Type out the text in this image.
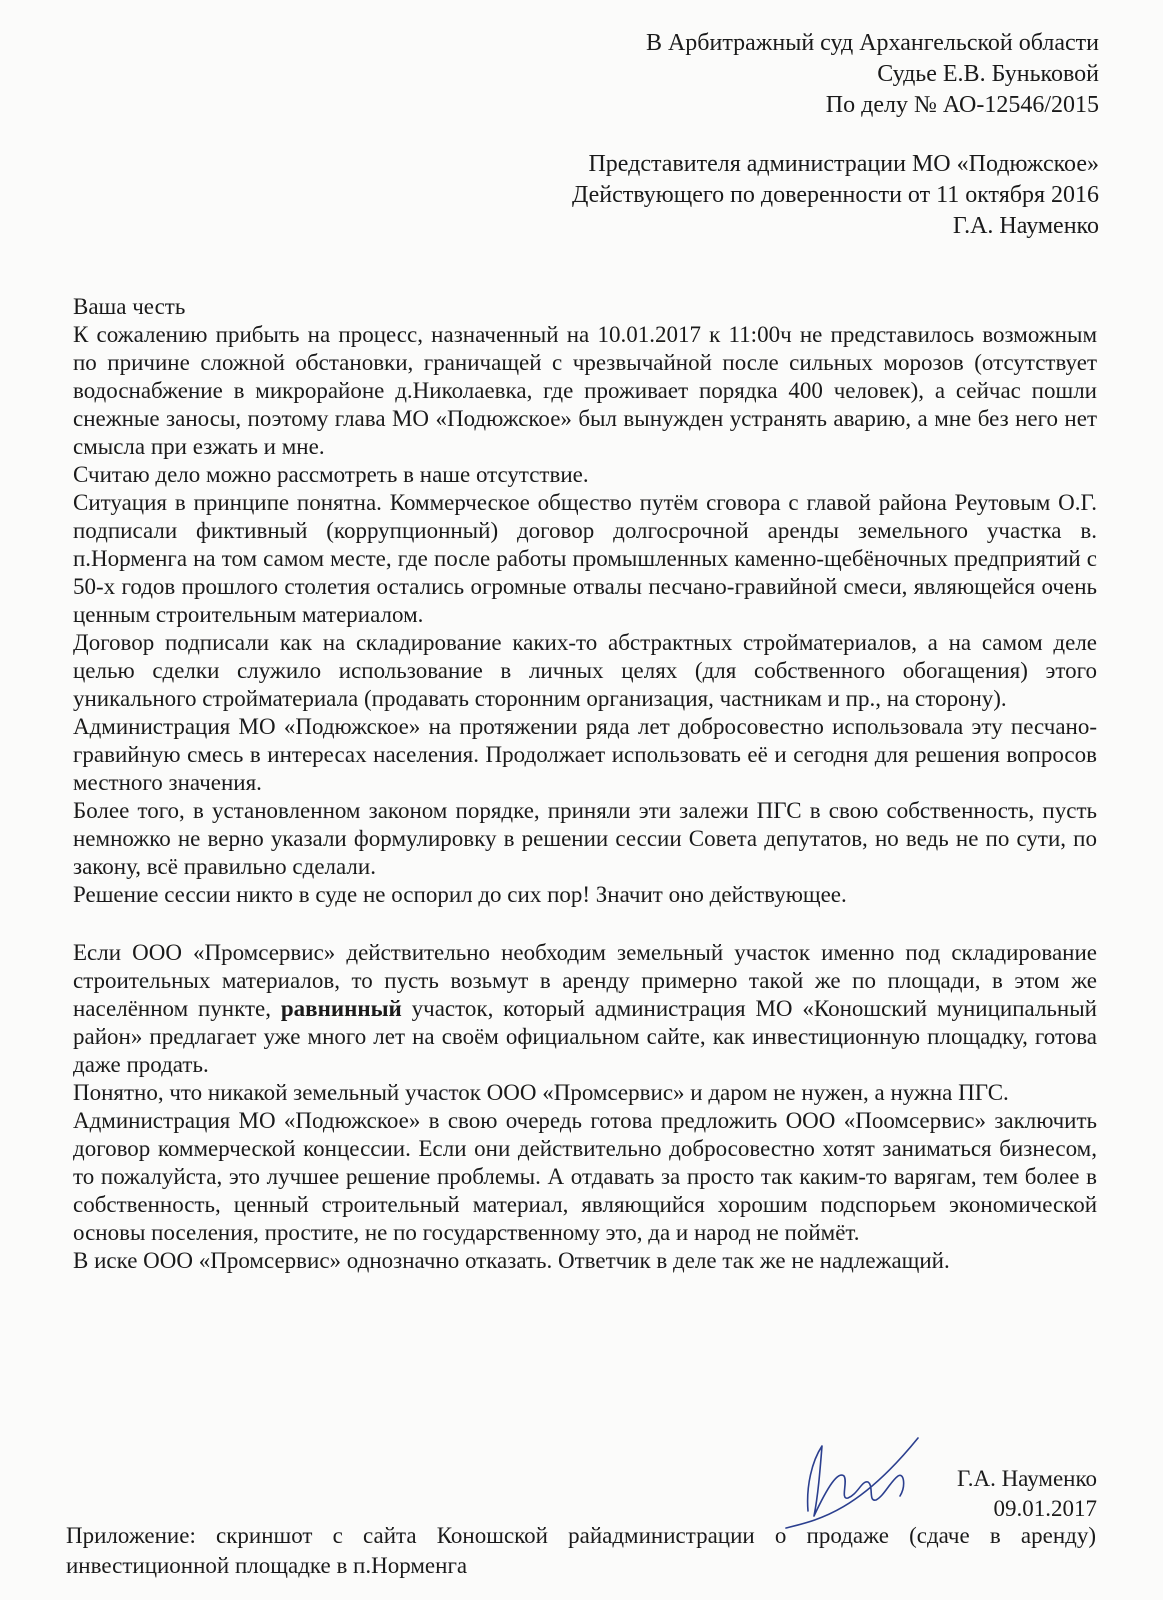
В Арбитражный суд Архангельской области
Судье Е.В. Буньковой
По делу № АО-12546/2015
Представителя администрации МО «Подюжское»
Действующего по доверенности от 11 октября 2016
Г.А. Науменко

Ваша честь

К сожалению прибыть на процесс, назначенный на 10.01.2017 к 11:00ч не представилось возможным по причине сложной обстановки, граничащей с чрезвычайной после сильных морозов (отсутствует водоснабжение в микрорайоне д.Николаевка, где проживает порядка 400 человек), а сейчас пошли снежные заносы, поэтому глава МО «Подюжское» был вынужден устранять аварию, а мне без него нет смысла при езжать и мне.

Считаю дело можно рассмотреть в наше отсутствие.

Ситуация в принципе понятна. Коммерческое общество путём сговора с главой района Реутовым О.Г. подписали фиктивный (коррупционный) договор долгосрочной аренды земельного участка в. п.Норменга на том самом месте, где после работы промышленных каменно-щебёночных предприятий с 50-х годов прошлого столетия остались огромные отвалы песчано-гравийной смеси, являющейся очень ценным строительным материалом.

Договор подписали как на складирование каких-то абстрактных стройматериалов, а на самом деле целью сделки служило использование в личных целях (для собственного обогащения) этого уникального стройматериала (продавать сторонним организация, частникам и пр., на сторону).

Администрация МО «Подюжское» на протяжении ряда лет добросовестно использовала эту песчано-гравийную смесь в интересах населения. Продолжает использовать её и сегодня для решения вопросов местного значения.

Более того, в установленном законом порядке, приняли эти залежи ПГС в свою собственность, пусть немножко не верно указали формулировку в решении сессии Совета депутатов, но ведь не по сути, по закону, всё правильно сделали.

Решение сессии никто в суде не оспорил до сих пор! Значит оно действующее.

Если ООО «Промсервис» действительно необходим земельный участок именно под складирование строительных материалов, то пусть возьмут в аренду примерно такой же по площади, в этом же населённом пункте, равнинный участок, который администрация МО «Коношский муниципальный район» предлагает уже много лет на своём официальном сайте, как инвестиционную площадку, готова даже продать.

Понятно, что никакой земельный участок ООО «Промсервис» и даром не нужен, а нужна ПГС.

Администрация МО «Подюжское» в свою очередь готова предложить ООО «Поомсервис» заключить договор коммерческой концессии. Если они действительно добросовестно хотят заниматься бизнесом, то пожалуйста, это лучшее решение проблемы. А отдавать за просто так каким-то варягам, тем более в собственность, ценный строительный материал, являющийся хорошим подспорьем экономической основы поселения, простите, не по государственному это, да и народ не поймёт.

В иске ООО «Промсервис» однозначно отказать. Ответчик в деле так же не надлежащий.

Г.А. Науменко
09.01.2017
Приложение: скриншот с сайта Коношской райадминистрации о продаже (сдаче в аренду) инвестиционной площадке в п.Норменга
